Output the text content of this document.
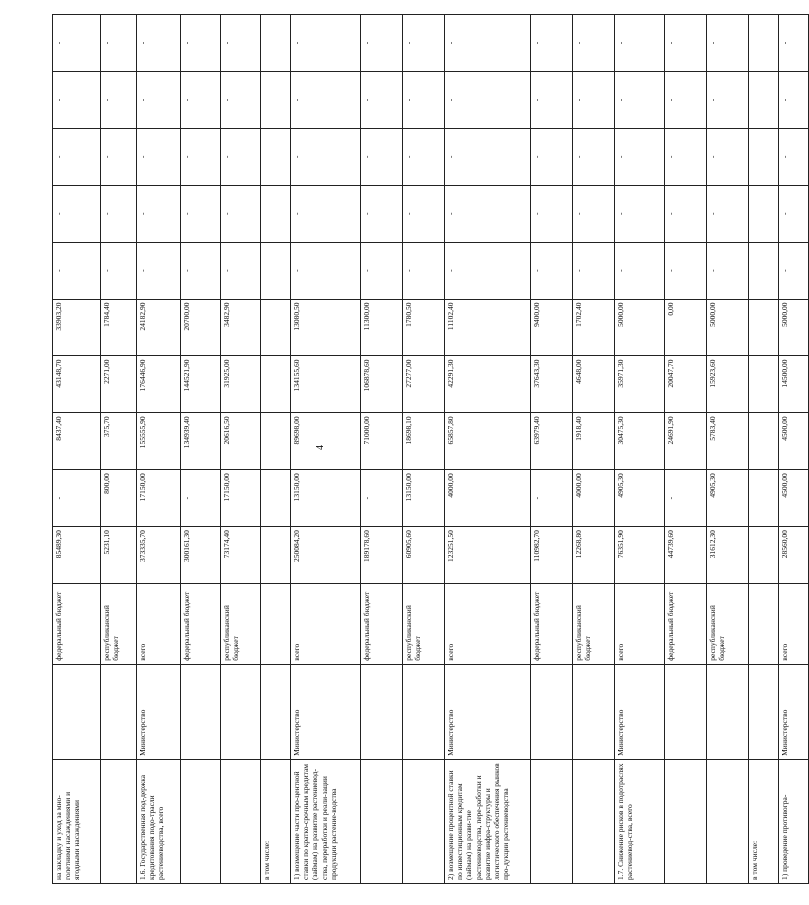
4
на закладку и уход за мно-голетними насаждениями и ягодными насаждениями		федеральный бюджет	85489,30	-	8437,40	43148,70	33903,20	-	-	-	-	-
		республиканский бюджет	5231,10	800,00	375,70	2271,00	1784,40	-	-	-	-	-
1.6. Государственная под-держка кредитования подо-трасли растениеводства, всего	Министерство	всего	373335,70	17150,00	155555,90	176446,90	24182,90	-	-	-	-	-
		федеральный бюджет	300161,30	-	134939,40	144521,90	20700,00	-	-	-	-	-
		республиканский бюджет	73174,40	17150,00	20616,50	31925,00	3482,90	-	-	-	-	-
в том числе:												
1) возмещение части про-центной ставки по кратко-срочным кредитам (займам) на развитие растениевод-ства, переработки и реали-зации продукции растение-водства	Министерство	всего	250084,20	13150,00	89698,00	134155,60	13080,50	-	-	-	-	-
		федеральный бюджет	189178,60	-	71000,00	106878,60	11300,00	-	-	-	-	-
		республиканский бюджет	60905,60	13150,00	18698,10	27277,00	1780,50	-	-	-	-	-
2) возмещение процентной ставки по инвестиционным кредитам (займам) на разви-тие растениеводства, пере-работки и развитие инфра-структуры и логистического обеспечения рынков про-дукции растениеводства	Министерство	всего	123251,50	4000,00	65857,80	42291,30	11102,40	-	-	-	-	-
		федеральный бюджет	110982,70	-	63979,40	37643,30	9400,00	-	-	-	-	-
		республиканский бюджет	12268,80	4000,00	1918,40	4648,00	1702,40	-	-	-	-	-
1.7. Снижение рисков в подотраслях растениевод-ства, всего	Министерство	всего	76351,90	4905,30	30475,30	35971,30	5000,00	-	-	-	-	-
		федеральный бюджет	44739,60	-	24691,90	20047,70	0,00	-	-	-	-	-
		республиканский бюджет	31612,30	4905,30	5783,40	15923,60	5000,00	-	-	-	-	-
в том числе:												
1) проведение противогра-	Министерство	всего	28560,00	4500,00	4500,00	14500,00	5000,00	-	-	-	-	-
